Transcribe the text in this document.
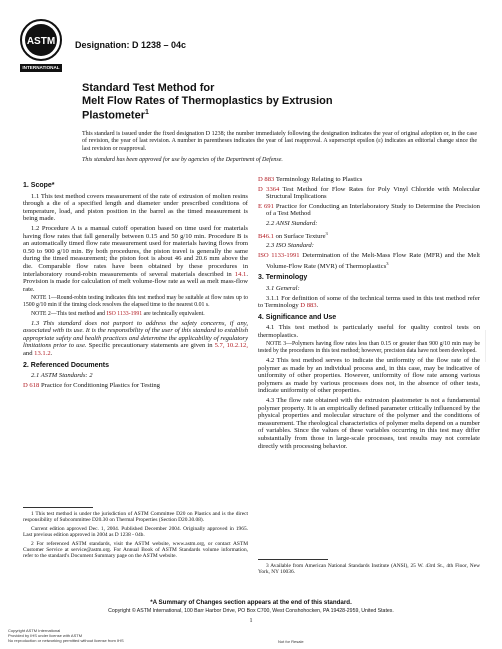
ASTM
INTERNATIONAL
Designation: D 1238 – 04c
Standard Test Method for
Melt Flow Rates of Thermoplastics by Extrusion
Plastometer$^1$
This standard is issued under the fixed designation D 1238; the number immediately following the designation indicates the year of original adoption or, in the case of revision, the year of last revision. A number in parentheses indicates the year of last reapproval. A superscript epsilon (ε) indicates an editorial change since the last revision or reapproval.
This standard has been approved for use by agencies of the Department of Defense.
1. Scope*

1.1 This test method covers measurement of the rate of extrusion of molten resins through a die of a specified length and diameter under prescribed conditions of temperature, load, and piston position in the barrel as the timed measurement is being made.

1.2 Procedure A is a manual cutoff operation based on time used for materials having flow rates that fall generally between 0.15 and 50 g/10 min. Procedure B is an automatically timed flow rate measurement used for materials having flows from 0.50 to 900 g/10 min. By both procedures, the piston travel is generally the same during the timed measurement; the piston foot is about 46 and 20.6 mm above the die. Comparable flow rates have been obtained by these procedures in interlaboratory round-robin measurements of several materials described in 14.1. Provision is made for calculation of melt volume-flow rate as well as melt mass-flow rate.

NOTE 1—Round-robin testing indicates this test method may be suitable at flow rates up to 1500 g/10 min if the timing clock resolves the elapsed time to the nearest 0.01 s.

NOTE 2—This test method and ISO 1133-1991 are technically equivalent.

1.3 This standard does not purport to address the safety concerns, if any, associated with its use. It is the responsibility of the user of this standard to establish appropriate safety and health practices and determine the applicability of regulatory limitations prior to use. Specific precautionary statements are given in 5.7, 10.2.12, and 13.1.2.

2. Referenced Documents

2.1 ASTM Standards: 2

D 618 Practice for Conditioning Plastics for Testing

1 This test method is under the jurisdiction of ASTM Committee D20 on Plastics and is the direct responsibility of Subcommittee D20.30 on Thermal Properties (Section D20.30.08).

Current edition approved Dec. 1, 2004. Published December 2004. Originally approved in 1965. Last previous edition approved in 2004 as D 1238 - 04b.

2 For referenced ASTM standards, visit the ASTM website, www.astm.org, or contact ASTM Customer Service at service@astm.org. For Annual Book of ASTM Standards volume information, refer to the standard's Document Summary page on the ASTM website.

D 883 Terminology Relating to Plastics

D 3364 Test Method for Flow Rates for Poly Vinyl Chloride with Molecular Structural Implications

E 691 Practice for Conducting an Interlaboratory Study to Determine the Precision of a Test Method

2.2 ANSI Standard:

B46.1 on Surface Texture$^3$

2.3 ISO Standard:

ISO 1133-1991 Determination of the Melt-Mass Flow Rate (MFR) and the Melt Volume-Flow Rate (MVR) of Thermoplastics$^3$

3. Terminology

3.1 General:

3.1.1 For definition of some of the technical terms used in this test method refer to Terminology D 883.

4. Significance and Use

4.1 This test method is particularly useful for quality control tests on thermoplastics.

NOTE 3—Polymers having flow rates less than 0.15 or greater than 900 g/10 min may be tested by the procedures in this test method; however, precision data have not been developed.

4.2 This test method serves to indicate the uniformity of the flow rate of the polymer as made by an individual process and, in this case, may be indicative of uniformity of other properties. However, uniformity of flow rate among various polymers as made by various processes does not, in the absence of other tests, indicate uniformity of other properties.

4.3 The flow rate obtained with the extrusion plastometer is not a fundamental polymer property. It is an empirically defined parameter critically influenced by the physical properties and molecular structure of the polymer and the conditions of measurement. The rheological characteristics of polymer melts depend on a number of variables. Since the values of these variables occurring in this test may differ substantially from those in large-scale processes, test results may not correlate directly with processing behavior.

3 Available from American National Standards Institute (ANSI), 25 W. 43rd St., 4th Floor, New York, NY 10036.

————————
*A Summary of Changes section appears at the end of this standard.
Copyright © ASTM International, 100 Barr Harbor Drive, PO Box C700, West Conshohocken, PA 19428-2959, United States.
1
Copyright ASTM International
Provided by IHS under license with ASTM
No reproduction or networking permitted without license from IHS	Not for Resale
